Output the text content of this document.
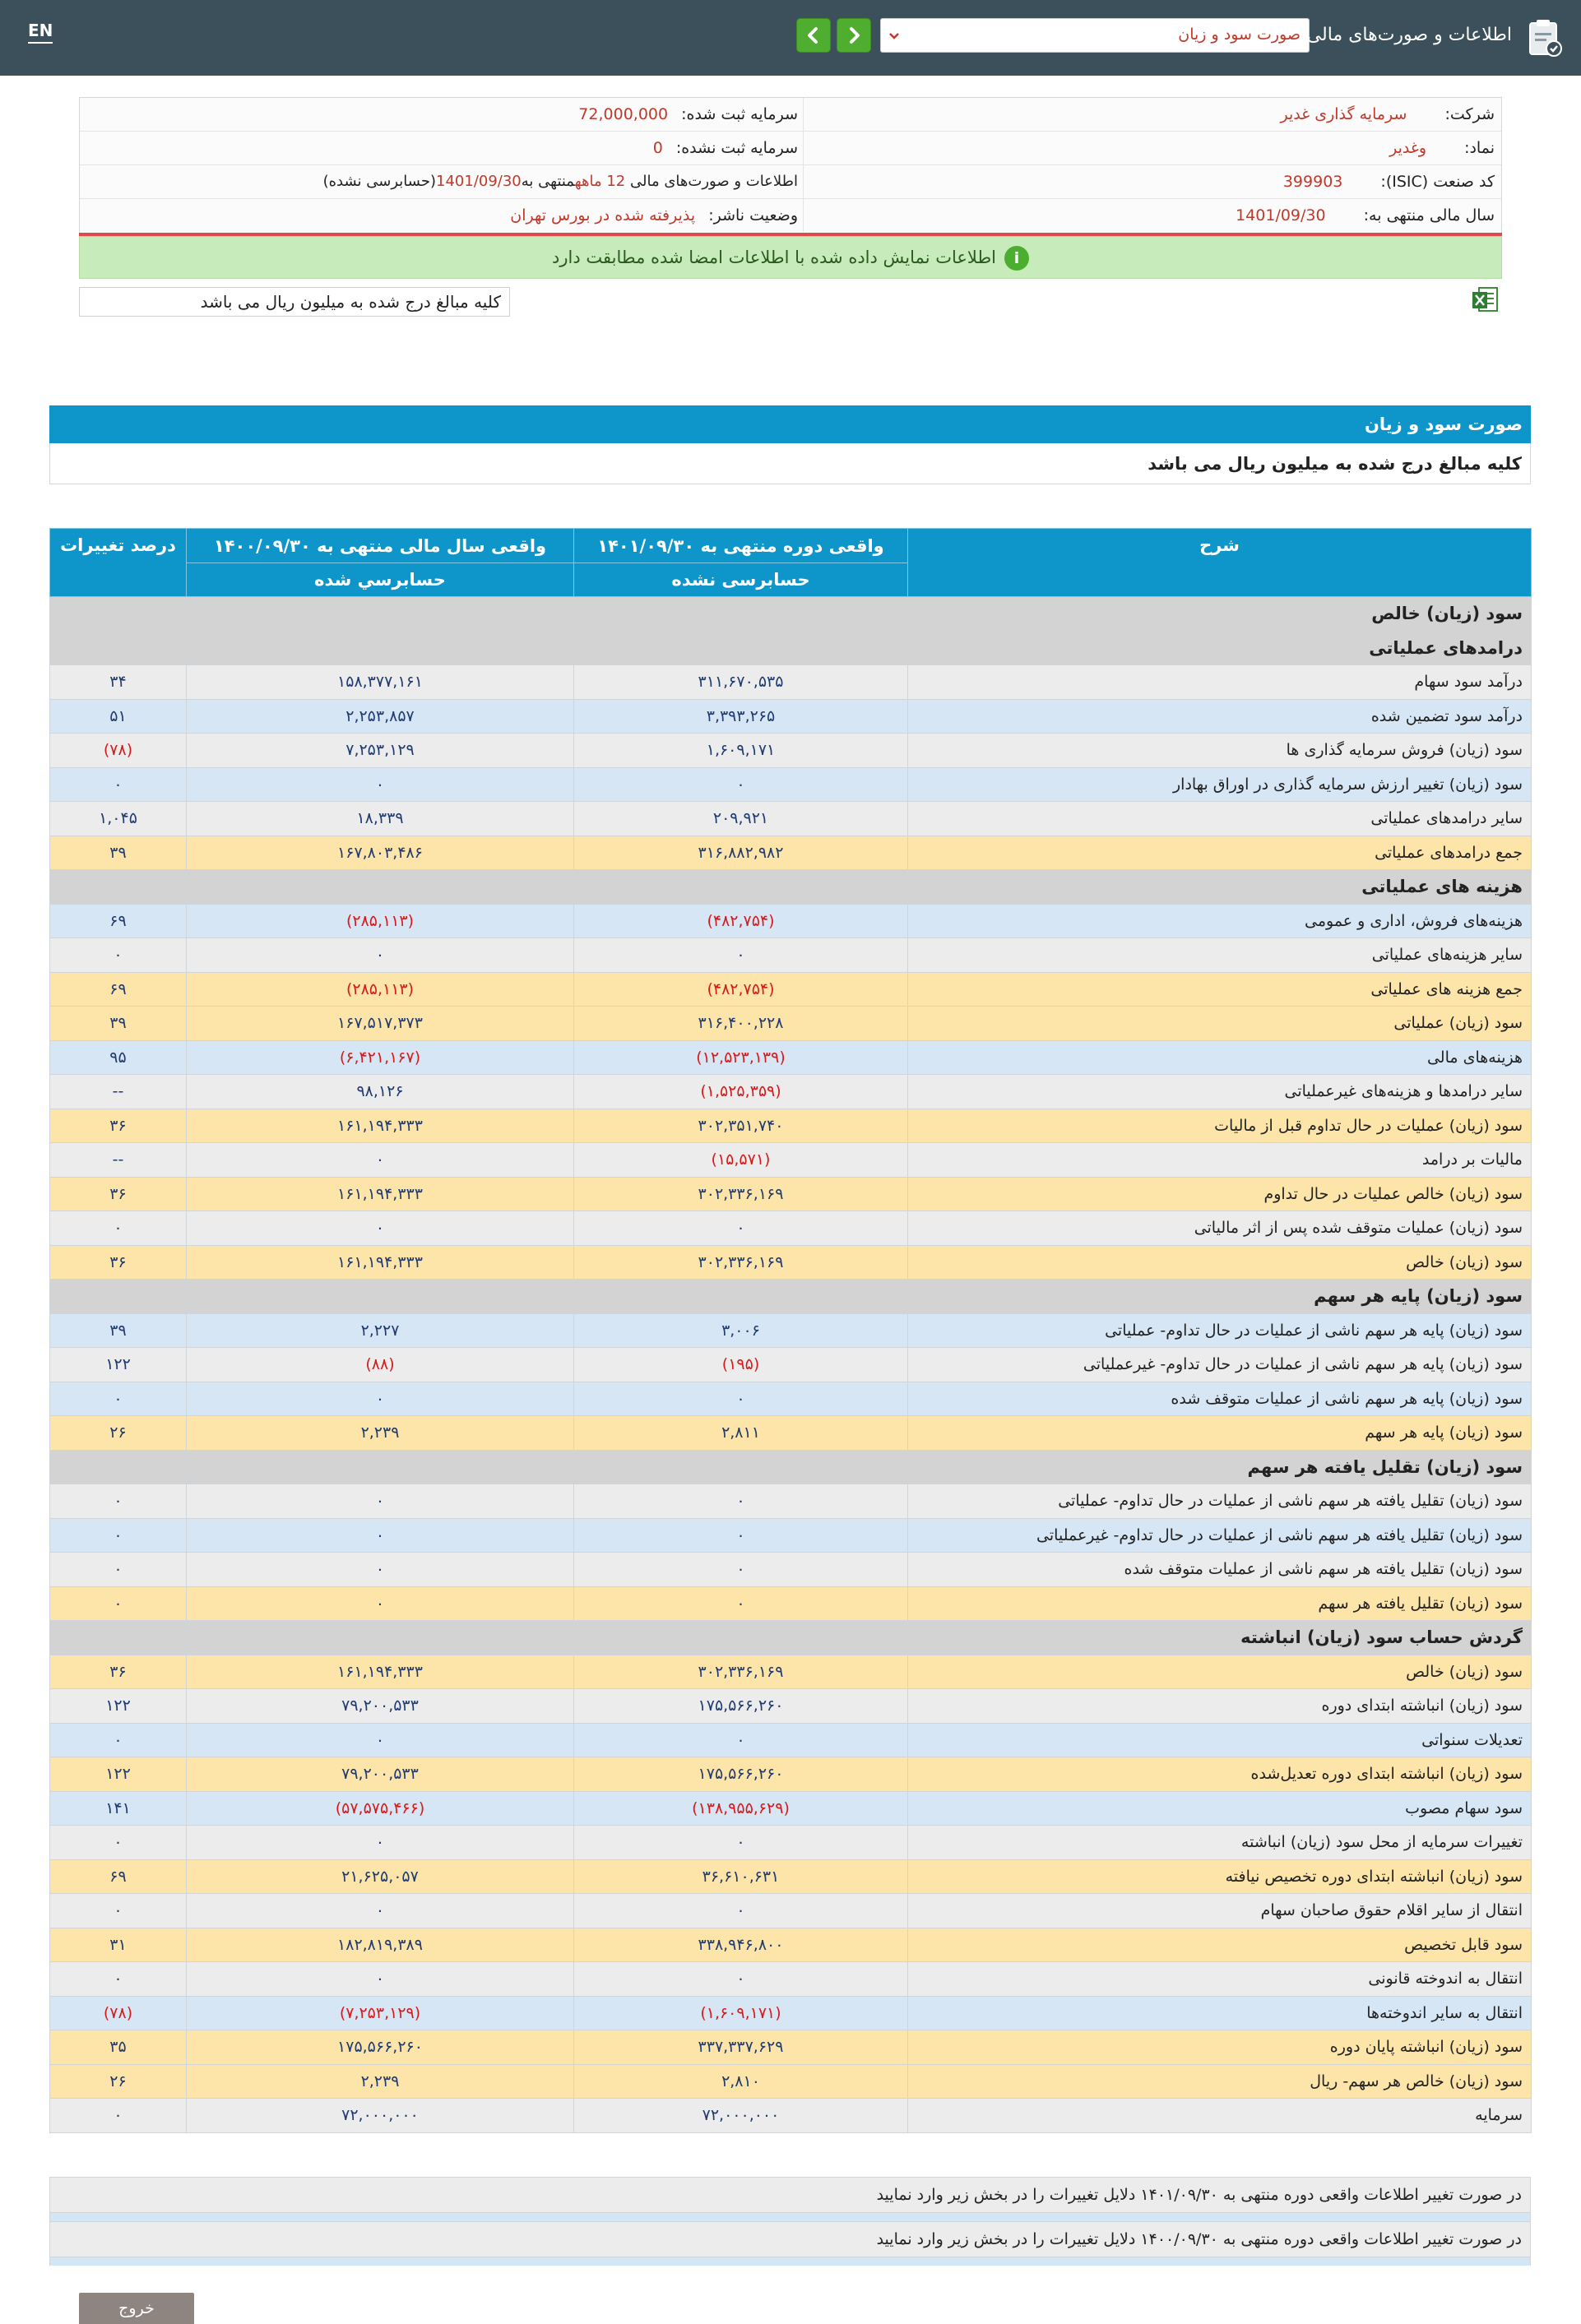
EN	صورت سود و زیان اطلاعات و صورت‌های مالی
شرکت: سرمایه گذاری غدیر
سرمایه ثبت شده: 72,000,000
نماد: وغدیر
سرمایه ثبت نشده: 0
کد صنعت (ISIC): 399903
اطلاعات و صورت‌های مالی 12 ماههمنتهی به1401/09/30(حسابرسی نشده)
سال مالی منتهی به: 1401/09/30
وضعیت ناشر: پذیرفته شده در بورس تهران
iاطلاعات نمایش داده شده با اطلاعات امضا شده مطابقت دارد
کلیه مبالغ درج شده به میلیون ریال می باشد
صورت سود و زیان
کلیه مبالغ درج شده به میلیون ریال می باشد
شرح	واقعی دوره منتهی به ۱۴۰۱/۰۹/۳۰	واقعی سال مالی منتهی به ۱۴۰۰/۰۹/۳۰	درصد تغییرات
	حسابرسی نشده	حسابرسي شده	
سود (زیان) خالص			
درامدهای عملیاتی			
درآمد سود سهام	۳۱۱,۶۷۰,۵۳۵	۱۵۸,۳۷۷,۱۶۱	۳۴
درآمد سود تضمین شده	۳,۳۹۳,۲۶۵	۲,۲۵۳,۸۵۷	۵۱
سود (زیان) فروش سرمایه گذاری ها	۱,۶۰۹,۱۷۱	۷,۲۵۳,۱۲۹	(۷۸)
سود (زیان) تغییر ارزش سرمایه گذاری در اوراق بهادار	۰	۰	۰
سایر درامدهای عملیاتی	۲۰۹,۹۲۱	۱۸,۳۳۹	۱,۰۴۵
جمع درامدهای عملیاتی	۳۱۶,۸۸۲,۹۸۲	۱۶۷,۸۰۳,۴۸۶	۳۹
هزینه های عملیاتی			
هزینه‌های فروش، اداری و عمومی	(۴۸۲,۷۵۴)	(۲۸۵,۱۱۳)	۶۹
سایر هزینه‌های عملیاتی	۰	۰	۰
جمع هزینه های عملیاتی	(۴۸۲,۷۵۴)	(۲۸۵,۱۱۳)	۶۹
سود (زیان) عملیاتی	۳۱۶,۴۰۰,۲۲۸	۱۶۷,۵۱۷,۳۷۳	۳۹
هزینه‌های مالی	(۱۲,۵۲۳,۱۳۹)	(۶,۴۲۱,۱۶۷)	۹۵
سایر درامدها و هزینه‌های غیرعملیاتی	(۱,۵۲۵,۳۵۹)	۹۸,۱۲۶	--
سود (زیان) عملیات در حال تداوم قبل از مالیات	۳۰۲,۳۵۱,۷۴۰	۱۶۱,۱۹۴,۳۳۳	۳۶
مالیات بر درامد	(۱۵,۵۷۱)	۰	--
سود (زیان) خالص عملیات در حال تداوم	۳۰۲,۳۳۶,۱۶۹	۱۶۱,۱۹۴,۳۳۳	۳۶
سود (زیان) عملیات متوقف شده پس از اثر مالیاتی	۰	۰	۰
سود (زیان) خالص	۳۰۲,۳۳۶,۱۶۹	۱۶۱,۱۹۴,۳۳۳	۳۶
سود (زیان) پایه هر سهم			
سود (زیان) پایه هر سهم ناشی از عملیات در حال تداوم- عملیاتی	۳,۰۰۶	۲,۲۲۷	۳۹
سود (زیان) پایه هر سهم ناشی از عملیات در حال تداوم- غیرعملیاتی	(۱۹۵)	(۸۸)	۱۲۲
سود (زیان) پایه هر سهم ناشی از عملیات متوقف شده	۰	۰	۰
سود (زیان) پایه هر سهم	۲,۸۱۱	۲,۲۳۹	۲۶
سود (زیان) تقلیل یافته هر سهم			
سود (زیان) تقلیل یافته هر سهم ناشی از عملیات در حال تداوم- عملیاتی	۰	۰	۰
سود (زیان) تقلیل یافته هر سهم ناشی از عملیات در حال تداوم- غیرعملیاتی	۰	۰	۰
سود (زیان) تقلیل یافته هر سهم ناشی از عملیات متوقف شده	۰	۰	۰
سود (زیان) تقلیل یافته هر سهم	۰	۰	۰
گردش حساب سود (زیان) انباشته			
سود (زیان) خالص	۳۰۲,۳۳۶,۱۶۹	۱۶۱,۱۹۴,۳۳۳	۳۶
سود (زیان) انباشته ابتدای دوره	۱۷۵,۵۶۶,۲۶۰	۷۹,۲۰۰,۵۳۳	۱۲۲
تعدیلات سنواتی	۰	۰	۰
سود (زیان) انباشته ابتدای دوره تعدیل‌شده	۱۷۵,۵۶۶,۲۶۰	۷۹,۲۰۰,۵۳۳	۱۲۲
سود سهام مصوب	(۱۳۸,۹۵۵,۶۲۹)	(۵۷,۵۷۵,۴۶۶)	۱۴۱
تغییرات سرمایه از محل سود (زیان) انباشته	۰	۰	۰
سود (زیان) انباشته ابتدای دوره تخصیص نیافته	۳۶,۶۱۰,۶۳۱	۲۱,۶۲۵,۰۵۷	۶۹
انتقال از سایر اقلام حقوق صاحبان سهام	۰	۰	۰
سود قابل تخصیص	۳۳۸,۹۴۶,۸۰۰	۱۸۲,۸۱۹,۳۸۹	۳۱
انتقال به اندوخته قانونی	۰	۰	۰
انتقال به سایر اندوخته‌ها	(۱,۶۰۹,۱۷۱)	(۷,۲۵۳,۱۲۹)	(۷۸)
سود (زیان) انباشته پایان دوره	۳۳۷,۳۳۷,۶۲۹	۱۷۵,۵۶۶,۲۶۰	۳۵
سود (زیان) خالص هر سهم- ریال	۲,۸۱۰	۲,۲۳۹	۲۶
سرمایه	۷۲,۰۰۰,۰۰۰	۷۲,۰۰۰,۰۰۰	۰
در صورت تغییر اطلاعات واقعی دوره منتهی به ۱۴۰۱/۰۹/۳۰ دلایل تغییرات را در بخش زیر وارد نمایید
در صورت تغییر اطلاعات واقعی دوره منتهی به ۱۴۰۰/۰۹/۳۰ دلایل تغییرات را در بخش زیر وارد نمایید
خروج
